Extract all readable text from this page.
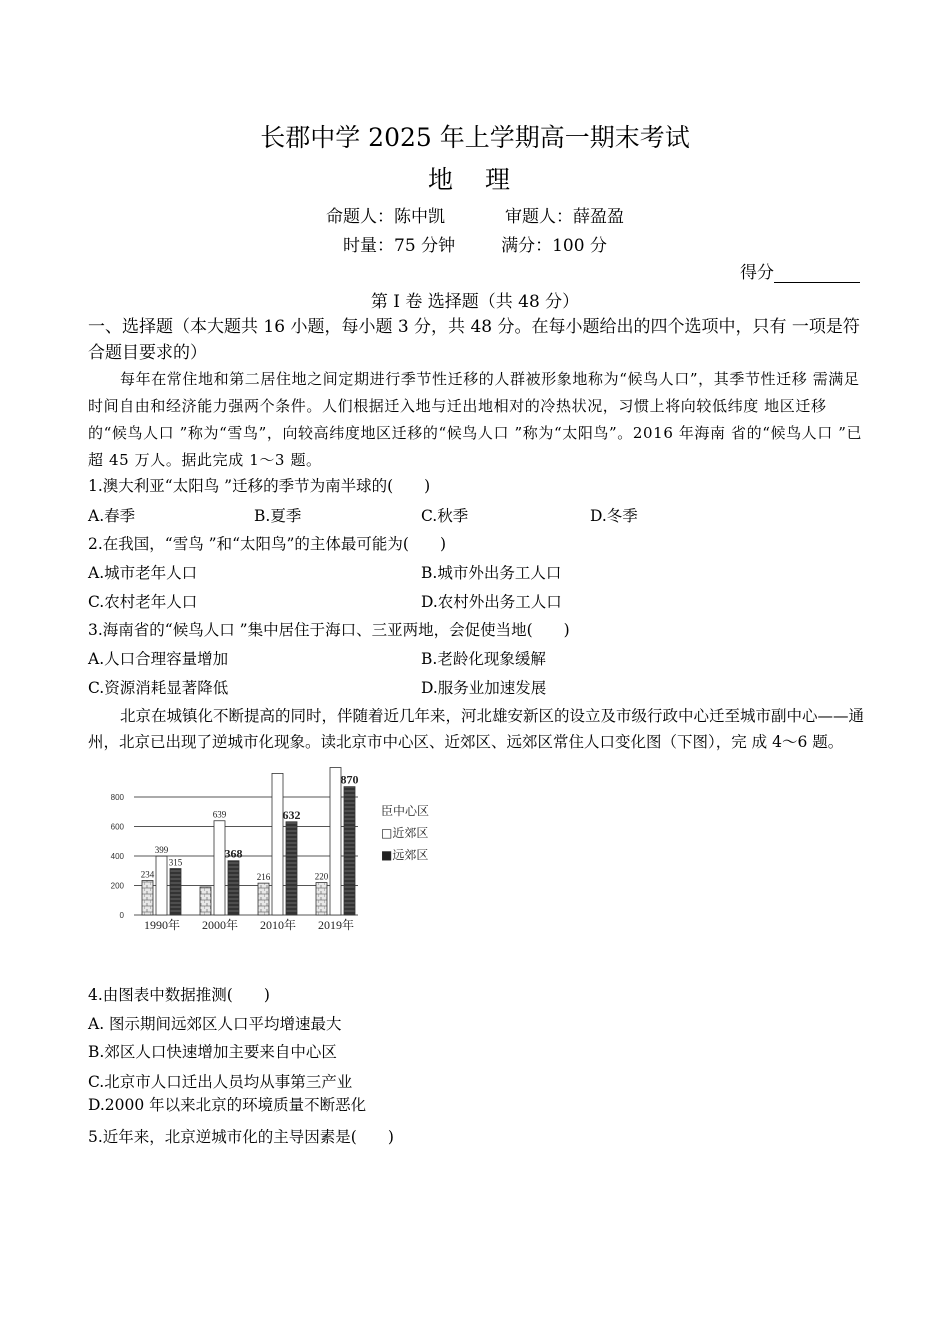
长郡中学 2025 年上学期高一期末考试
地 理
命题人：陈中凯	审题人：薛盈盈
时量：75 分钟	满分：100 分
得分
第 I 卷 选择题（共 48 分）
一、选择题（本大题共 16 小题，每小题 3 分，共 48 分。在每小题给出的四个选项中，只有 一项是符合题目要求的）
每年在常住地和第二居住地之间定期进行季节性迁移的人群被形象地称为“候鸟人口”，其季节性迁移 需满足时间自由和经济能力强两个条件。人们根据迁入地与迁出地相对的冷热状况，习惯上将向较低纬度 地区迁移的“候鸟人口 ”称为“雪鸟”，向较高纬度地区迁移的“候鸟人口 ”称为“太阳鸟”。2016 年海南 省的“候鸟人口 ”已超 45 万人。据此完成 1～3 题。
1.澳大利亚“太阳鸟 ”迁移的季节为南半球的(　　)
A.春季	B.夏季	C.秋季	D.冬季
2.在我国，“雪鸟 ”和“太阳鸟”的主体最可能为(　　)
A.城市老年人口	B.城市外出务工人口
C.农村老年人口	D.农村外出务工人口
3.海南省的“候鸟人口 ”集中居住于海口、三亚两地，会促使当地(　　)
A.人口合理容量增加	B.老龄化现象缓解
C.资源消耗显著降低	D.服务业加速发展
北京在城镇化不断提高的同时，伴随着近几年来，河北雄安新区的设立及市级行政中心迁至城市副中心——通州，北京已出现了逆城市化现象。读北京市中心区、近郊区、远郊区常住人口变化图（下图），完 成 4～6 题。
0
200
400
600
800
234
399
315
1990年
639
368
2000年
216
632
2010年
220
870
2019年
臣中心区
□近郊区
■远郊区
4.由图表中数据推测(　　)
A. 图示期间远郊区人口平均增速最大
B.郊区人口快速增加主要来自中心区
C.北京市人口迁出人员均从事第三产业
D.2000 年以来北京的环境质量不断恶化
5.近年来，北京逆城市化的主导因素是(　　)
